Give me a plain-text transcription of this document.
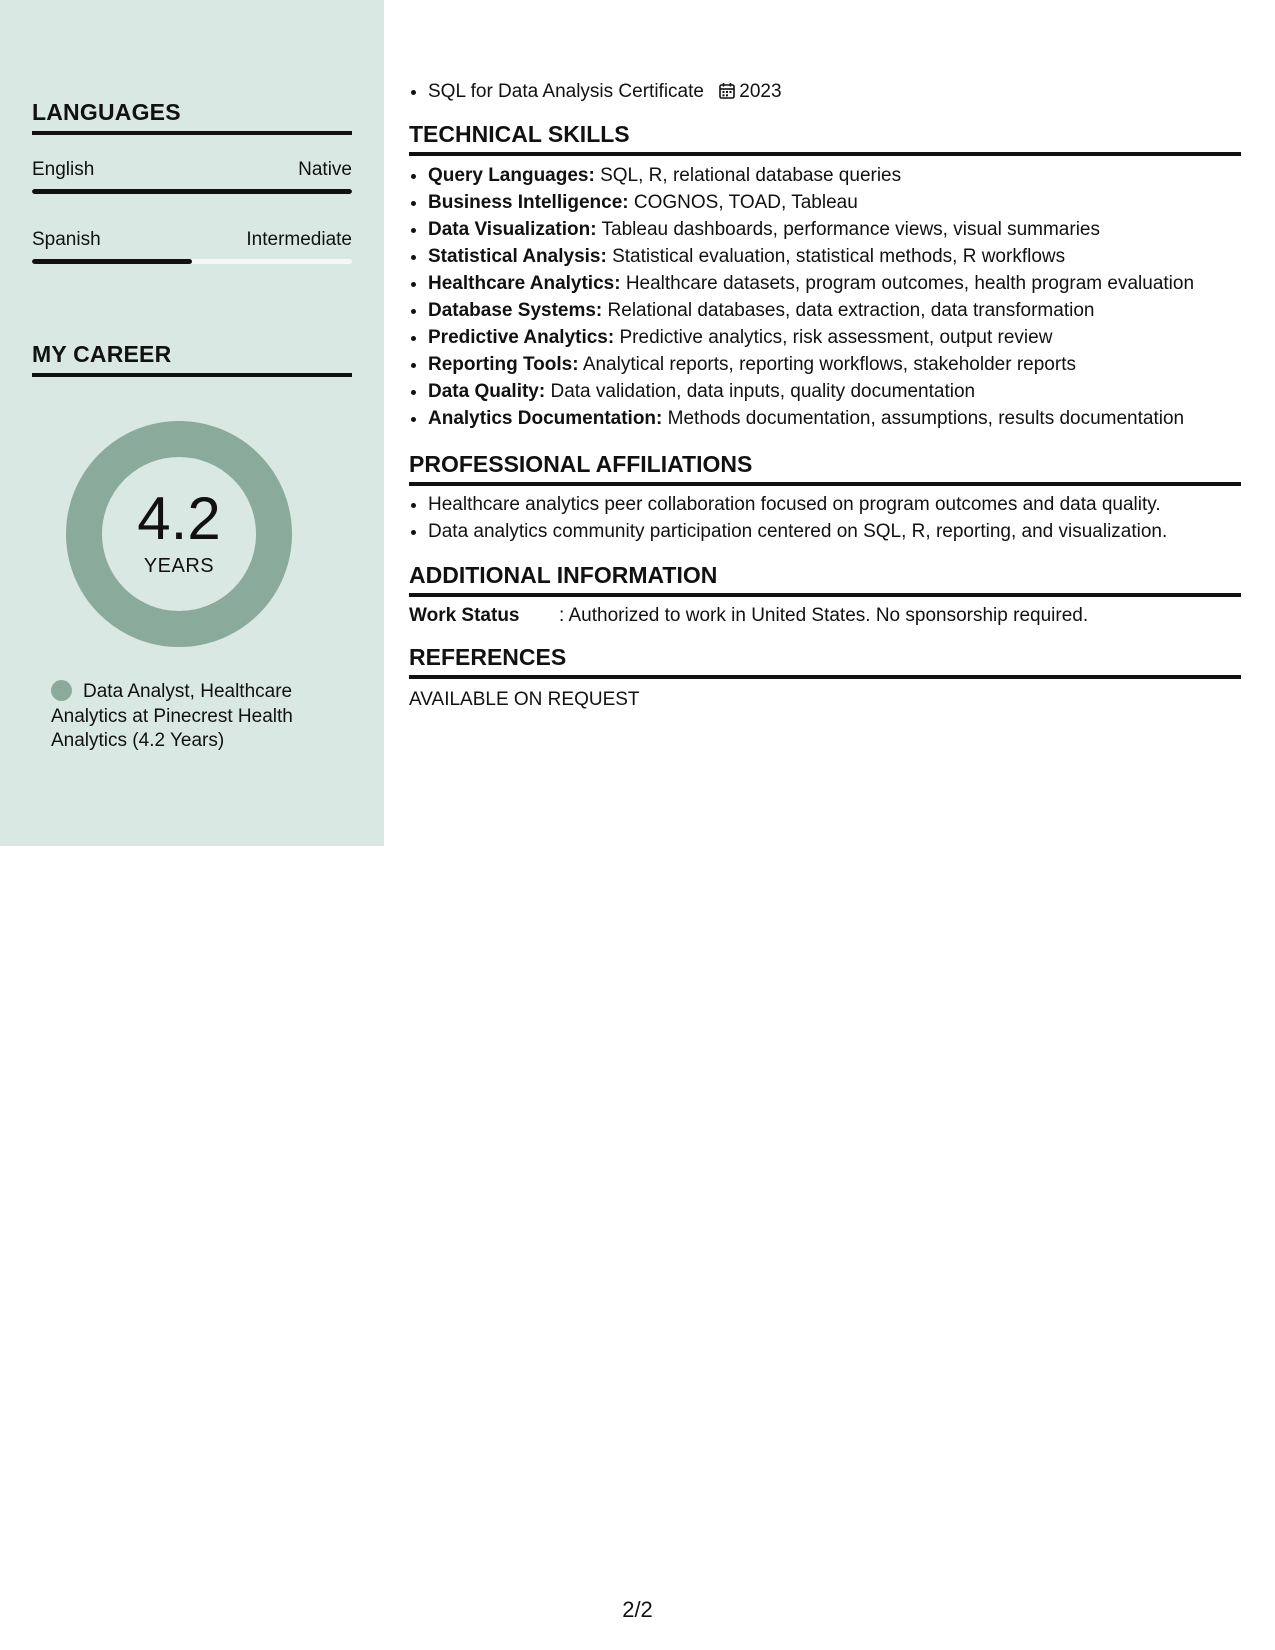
LANGUAGES
English	Native
Spanish	Intermediate
MY CAREER
4.2
YEARS
Data Analyst, Healthcare Analytics at Pinecrest Health Analytics (4.2 Years)
• SQL for Data Analysis Certificate 2023
TECHNICAL SKILLS
• Query Languages: SQL, R, relational database queries
• Business Intelligence: COGNOS, TOAD, Tableau
• Data Visualization: Tableau dashboards, performance views, visual summaries
• Statistical Analysis: Statistical evaluation, statistical methods, R workflows
• Healthcare Analytics: Healthcare datasets, program outcomes, health program evaluation
• Database Systems: Relational databases, data extraction, data transformation
• Predictive Analytics: Predictive analytics, risk assessment, output review
• Reporting Tools: Analytical reports, reporting workflows, stakeholder reports
• Data Quality: Data validation, data inputs, quality documentation
• Analytics Documentation: Methods documentation, assumptions, results documentation
PROFESSIONAL AFFILIATIONS
• Healthcare analytics peer collaboration focused on program outcomes and data quality.
• Data analytics community participation centered on SQL, R, reporting, and visualization.
ADDITIONAL INFORMATION
Work Status : Authorized to work in United States. No sponsorship required.
REFERENCES
AVAILABLE ON REQUEST
2/2
